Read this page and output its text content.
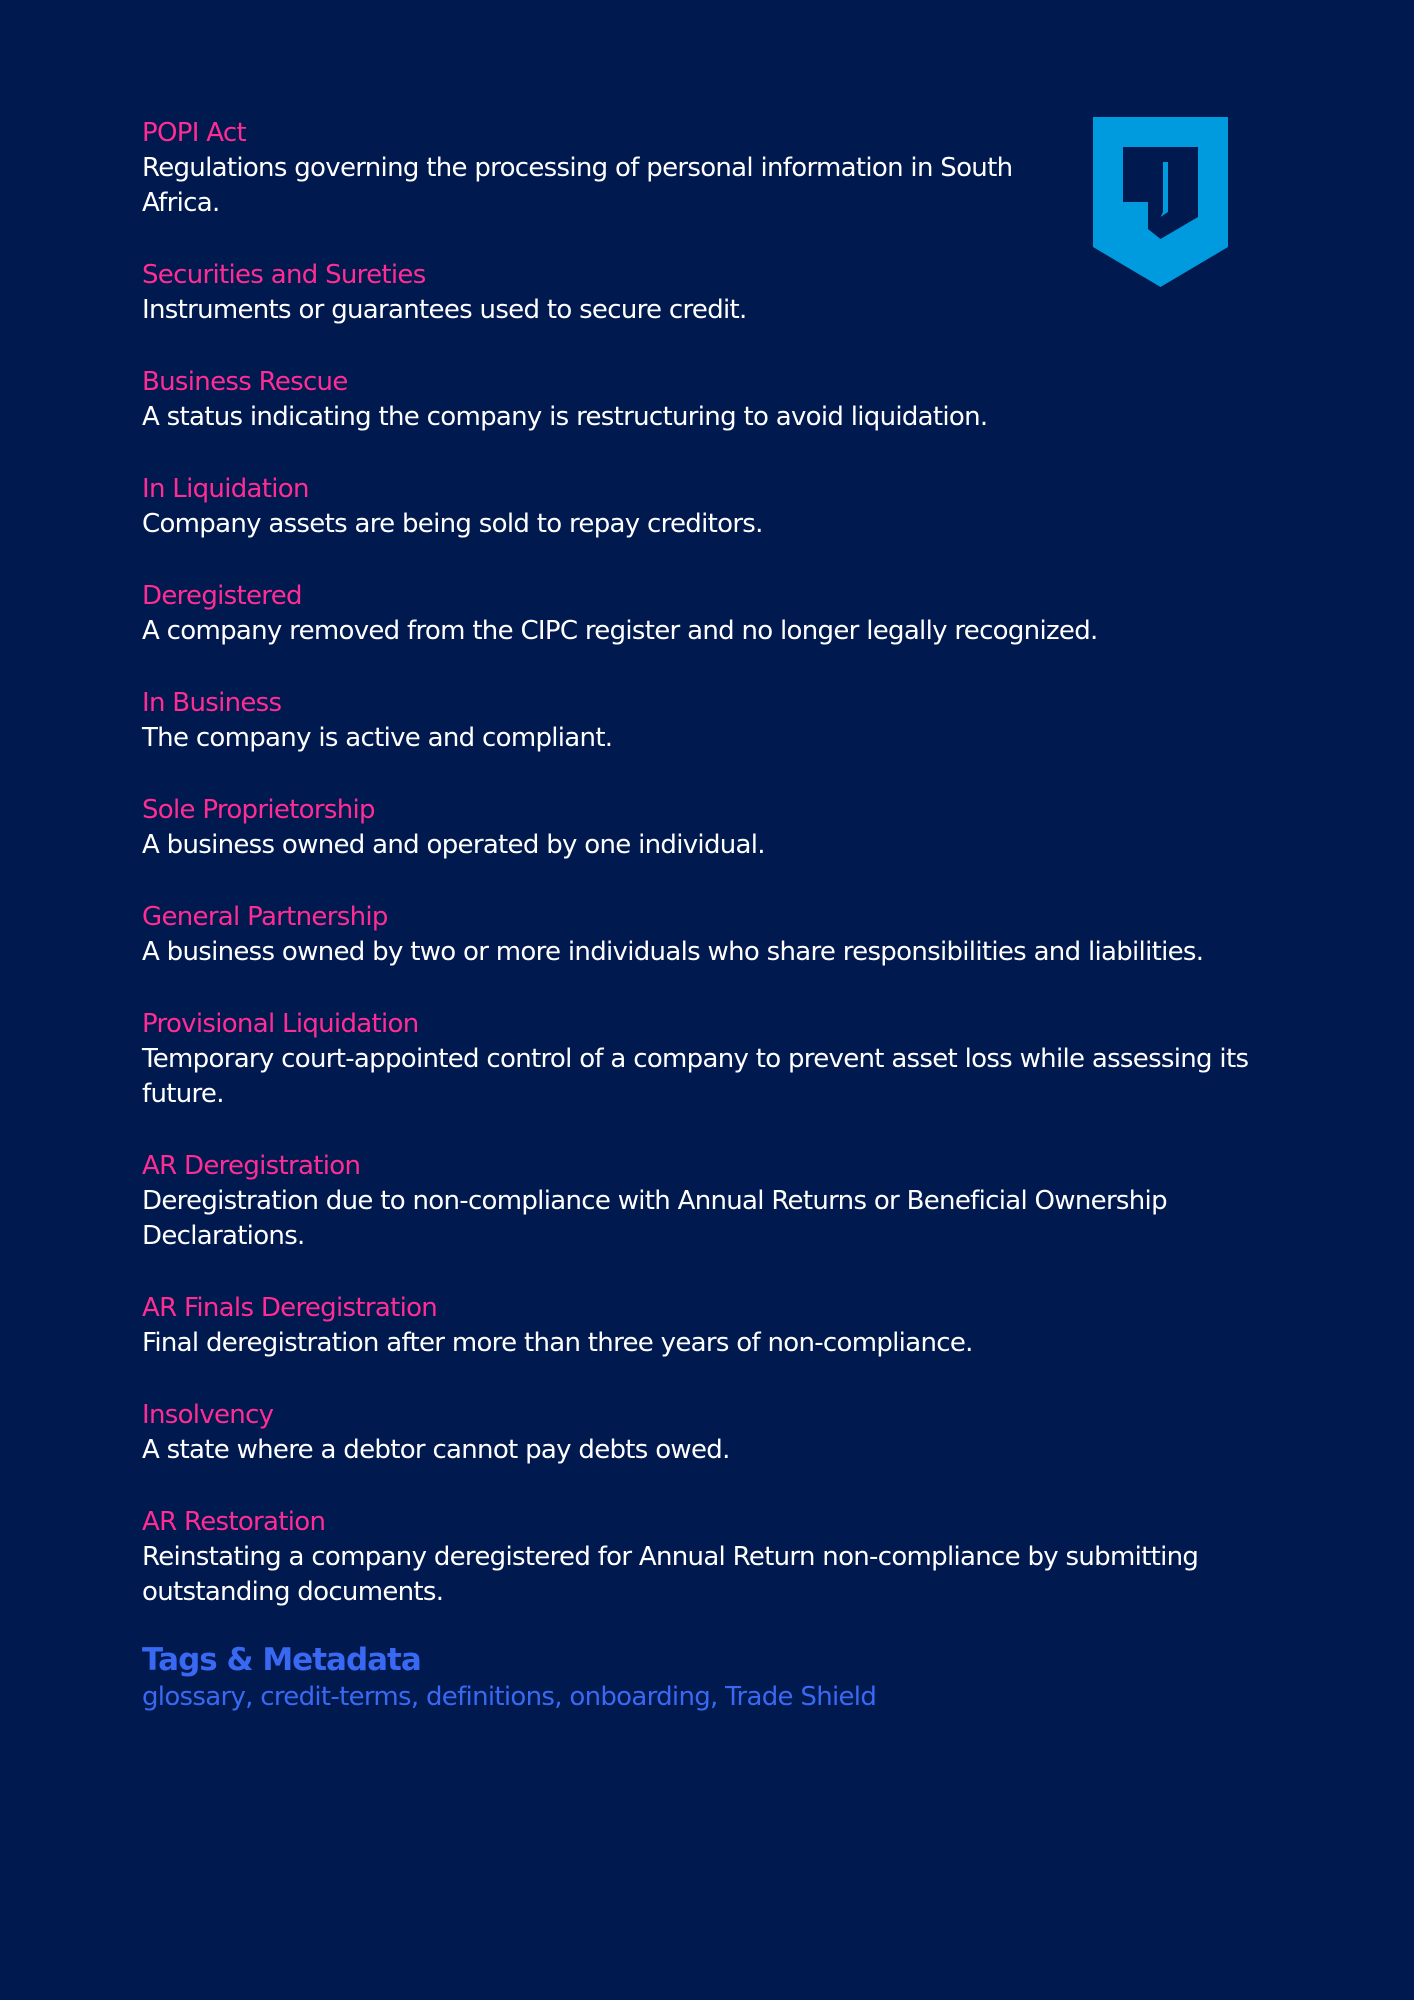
POPI Act
Regulations governing the processing of personal information in South Africa.
Securities and Sureties
Instruments or guarantees used to secure credit.
Business Rescue
A status indicating the company is restructuring to avoid liquidation.
In Liquidation
Company assets are being sold to repay creditors.
Deregistered
A company removed from the CIPC register and no longer legally recognized.
In Business
The company is active and compliant.
Sole Proprietorship
A business owned and operated by one individual.
General Partnership
A business owned by two or more individuals who share responsibilities and liabilities.
Provisional Liquidation
Temporary court-appointed control of a company to prevent asset loss while assessing its future.
AR Deregistration
Deregistration due to non-compliance with Annual Returns or Beneficial Ownership Declarations.
AR Finals Deregistration
Final deregistration after more than three years of non-compliance.
Insolvency
A state where a debtor cannot pay debts owed.
AR Restoration
Reinstating a company deregistered for Annual Return non-compliance by submitting outstanding documents.
Tags & Metadata

glossary, credit-terms, definitions, onboarding, Trade Shield
